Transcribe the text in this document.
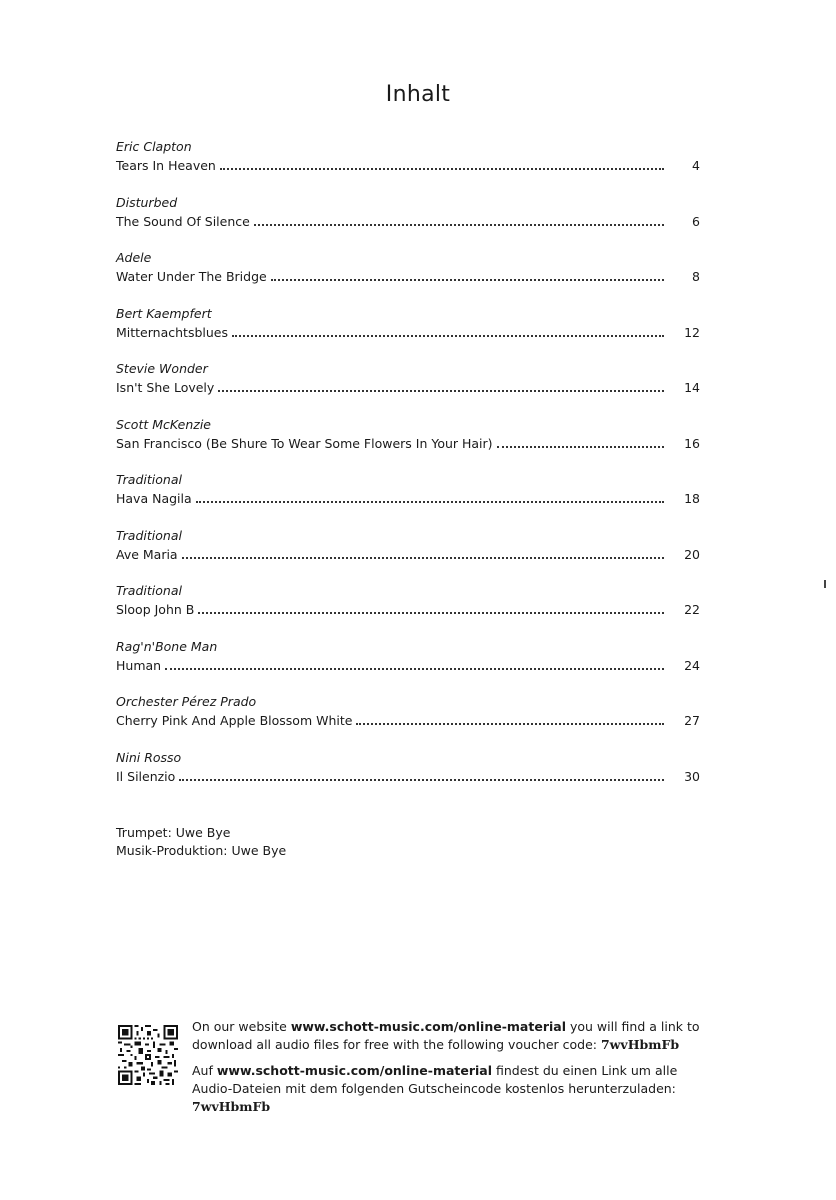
Inhalt
Eric Clapton
Tears In Heaven	4
Disturbed
The Sound Of Silence	6
Adele
Water Under The Bridge	8
Bert Kaempfert
Mitternachtsblues	12
Stevie Wonder
Isn't She Lovely	14
Scott McKenzie
San Francisco (Be Shure To Wear Some Flowers In Your Hair)	16
Traditional
Hava Nagila	18
Traditional
Ave Maria	20
Traditional
Sloop John B	22
Rag'n'Bone Man
Human	24
Orchester Pérez Prado
Cherry Pink And Apple Blossom White	27
Nini Rosso
Il Silenzio	30
Trumpet: Uwe Bye
Musik-Produktion: Uwe Bye

On our website www.schott-music.com/online-material you will find a link to download all audio files for free with the following voucher code: 7wvHbmFb

Auf www.schott-music.com/online-material findest du einen Link um alle Audio-Dateien mit dem folgenden Gutscheincode kostenlos herunterzuladen:
7wvHbmFb
